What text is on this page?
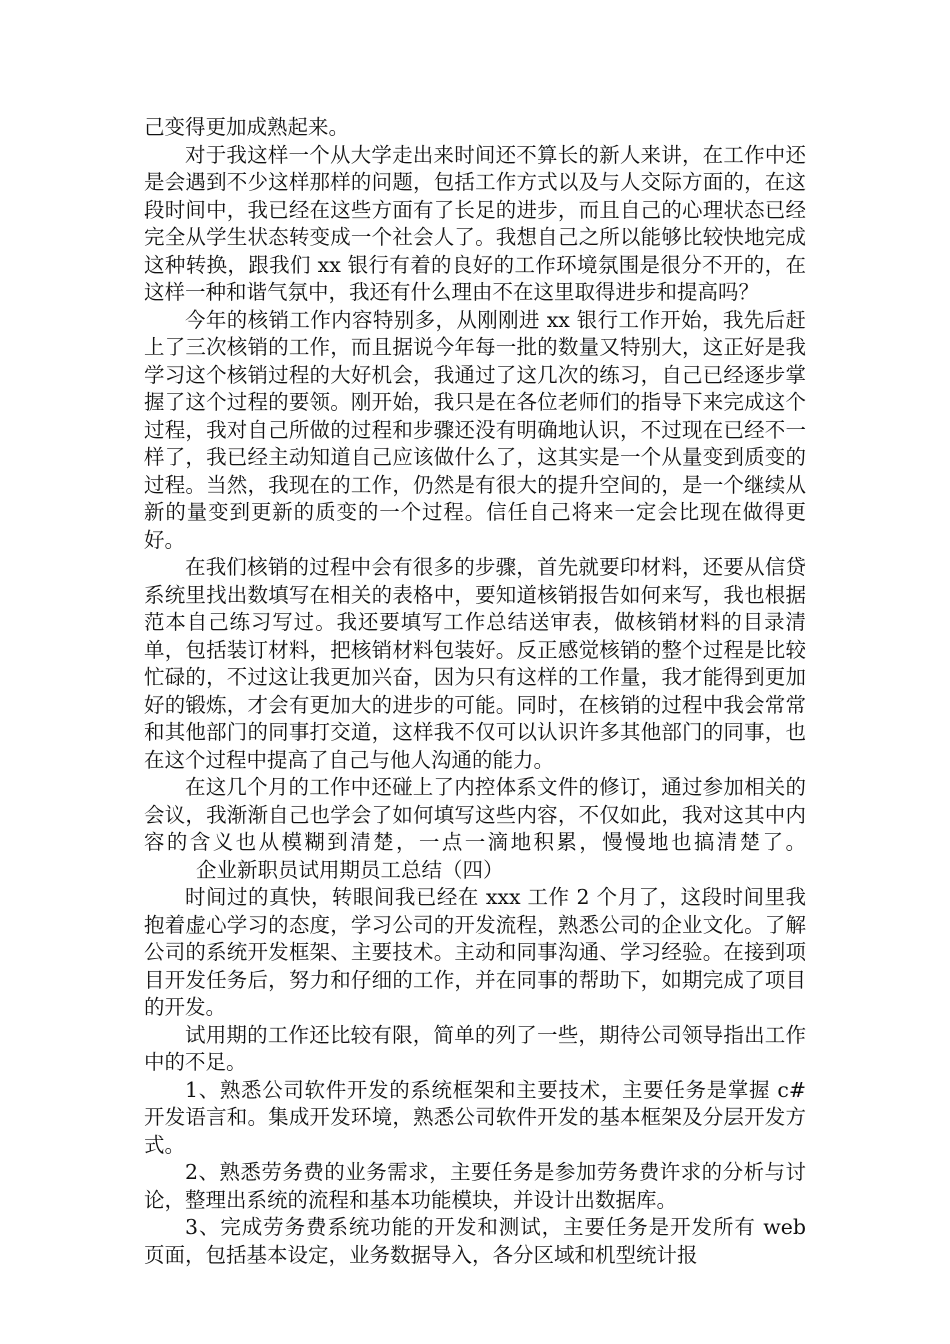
己变得更加成熟起来。

对于我这样一个从大学走出来时间还不算长的新人来讲，在工作中还是会遇到不少这样那样的问题，包括工作方式以及与人交际方面的，在这段时间中，我已经在这些方面有了长足的进步，而且自己的心理状态已经完全从学生状态转变成一个社会人了。我想自己之所以能够比较快地完成这种转换，跟我们 xx 银行有着的良好的工作环境氛围是很分不开的，在这样一种和谐气氛中，我还有什么理由不在这里取得进步和提高吗？

今年的核销工作内容特别多，从刚刚进 xx 银行工作开始，我先后赶上了三次核销的工作，而且据说今年每一批的数量又特别大，这正好是我学习这个核销过程的大好机会，我通过了这几次的练习，自己已经逐步掌握了这个过程的要领。刚开始，我只是在各位老师们的指导下来完成这个过程，我对自己所做的过程和步骤还没有明确地认识，不过现在已经不一样了，我已经主动知道自己应该做什么了，这其实是一个从量变到质变的过程。当然，我现在的工作，仍然是有很大的提升空间的，是一个继续从新的量变到更新的质变的一个过程。信任自己将来一定会比现在做得更好。

在我们核销的过程中会有很多的步骤，首先就要印材料，还要从信贷系统里找出数填写在相关的表格中，要知道核销报告如何来写，我也根据范本自己练习写过。我还要填写工作总结送审表，做核销材料的目录清单，包括装订材料，把核销材料包装好。反正感觉核销的整个过程是比较忙碌的，不过这让我更加兴奋，因为只有这样的工作量，我才能得到更加好的锻炼，才会有更加大的进步的可能。同时，在核销的过程中我会常常和其他部门的同事打交道，这样我不仅可以认识许多其他部门的同事，也在这个过程中提高了自己与他人沟通的能力。

在这几个月的工作中还碰上了内控体系文件的修订，通过参加相关的会议，我渐渐自己也学会了如何填写这些内容，不仅如此，我对这其中内容的含义也从模糊到清楚，一点一滴地积累，慢慢地也搞清楚了。企业新职员试用期员工总结（四）

时间过的真快，转眼间我已经在 xxx 工作 2 个月了，这段时间里我抱着虚心学习的态度，学习公司的开发流程，熟悉公司的企业文化。了解公司的系统开发框架、主要技术。主动和同事沟通、学习经验。在接到项目开发任务后，努力和仔细的工作，并在同事的帮助下，如期完成了项目的开发。

试用期的工作还比较有限，简单的列了一些，期待公司领导指出工作中的不足。

1、熟悉公司软件开发的系统框架和主要技术，主要任务是掌握 c#开发语言和。集成开发环境，熟悉公司软件开发的基本框架及分层开发方式。

2、熟悉劳务费的业务需求，主要任务是参加劳务费许求的分析与讨论，整理出系统的流程和基本功能模块，并设计出数据库。

3、完成劳务费系统功能的开发和测试，主要任务是开发所有 web 页面，包括基本设定，业务数据导入，各分区域和机型统计报
